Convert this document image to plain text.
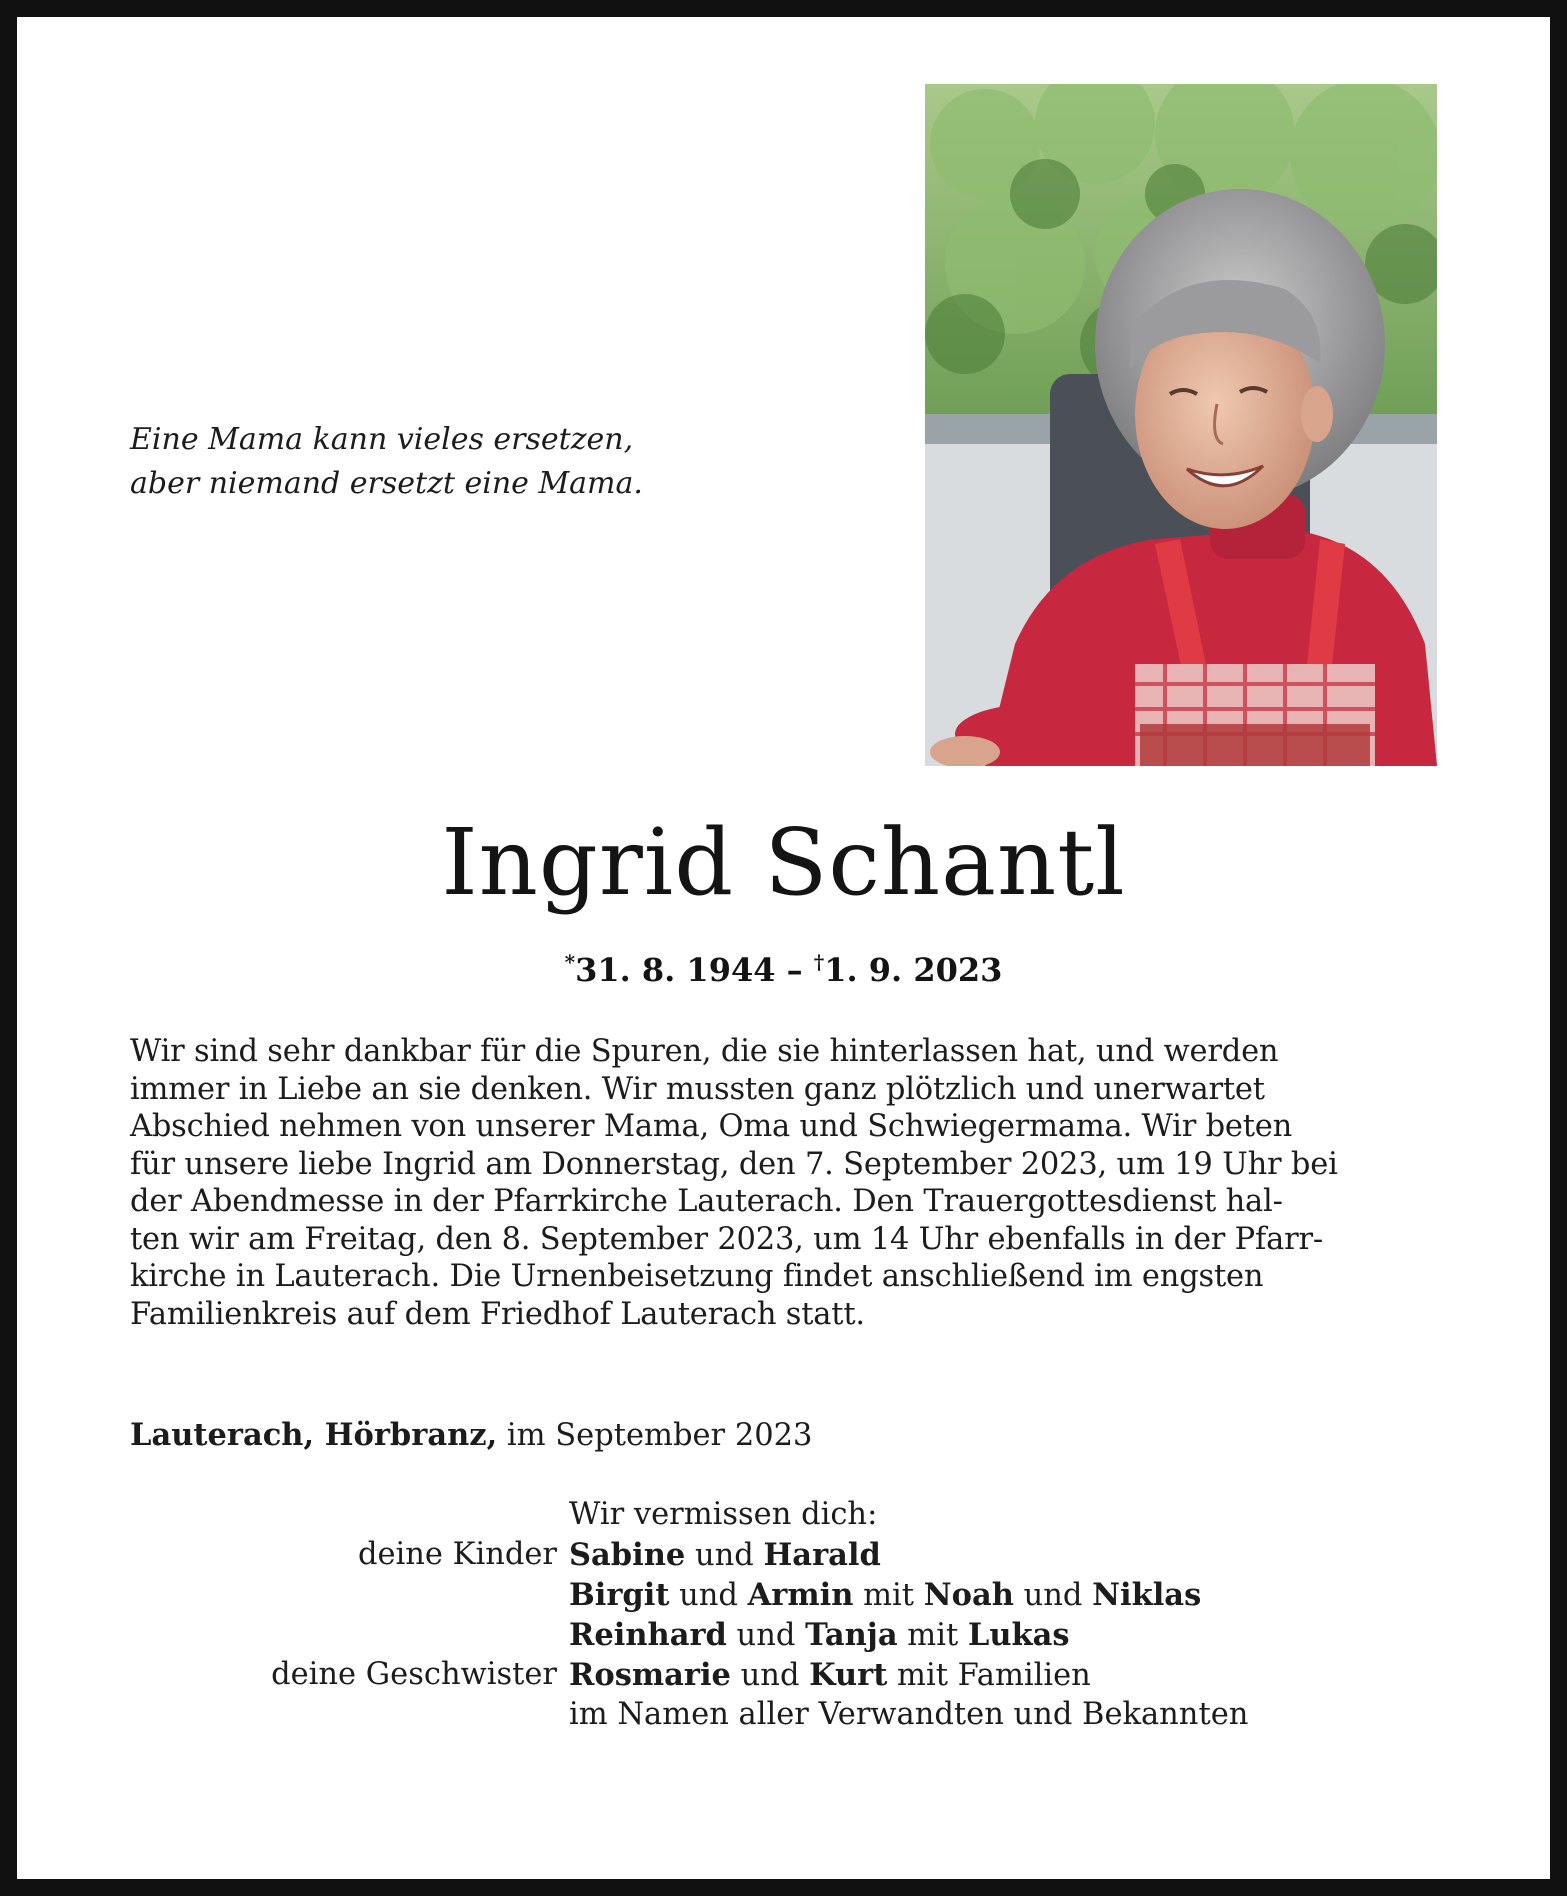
Eine Mama kann vieles ersetzen,
aber niemand ersetzt eine Mama.
Ingrid Schantl
*31. 8. 1944 – †1. 9. 2023
Wir sind sehr dankbar für die Spuren, die sie hinterlassen hat, und werden
immer in Liebe an sie denken. Wir mussten ganz plötzlich und unerwartet
Abschied nehmen von unserer Mama, Oma und Schwiegermama. Wir beten
für unsere liebe Ingrid am Donnerstag, den 7. September 2023, um 19 Uhr bei
der Abendmesse in der Pfarrkirche Lauterach. Den Trauergottesdienst hal-
ten wir am Freitag, den 8. September 2023, um 14 Uhr ebenfalls in der Pfarr-
kirche in Lauterach. Die Urnenbeisetzung findet anschließend im engsten
Familienkreis auf dem Friedhof Lauterach statt.
Lauterach, Hörbranz, im September 2023
Wir vermissen dich:
deine Kinder Sabine und Harald
Birgit und Armin mit Noah und Niklas
Reinhard und Tanja mit Lukas
deine Geschwister Rosmarie und Kurt mit Familien
im Namen aller Verwandten und Bekannten
